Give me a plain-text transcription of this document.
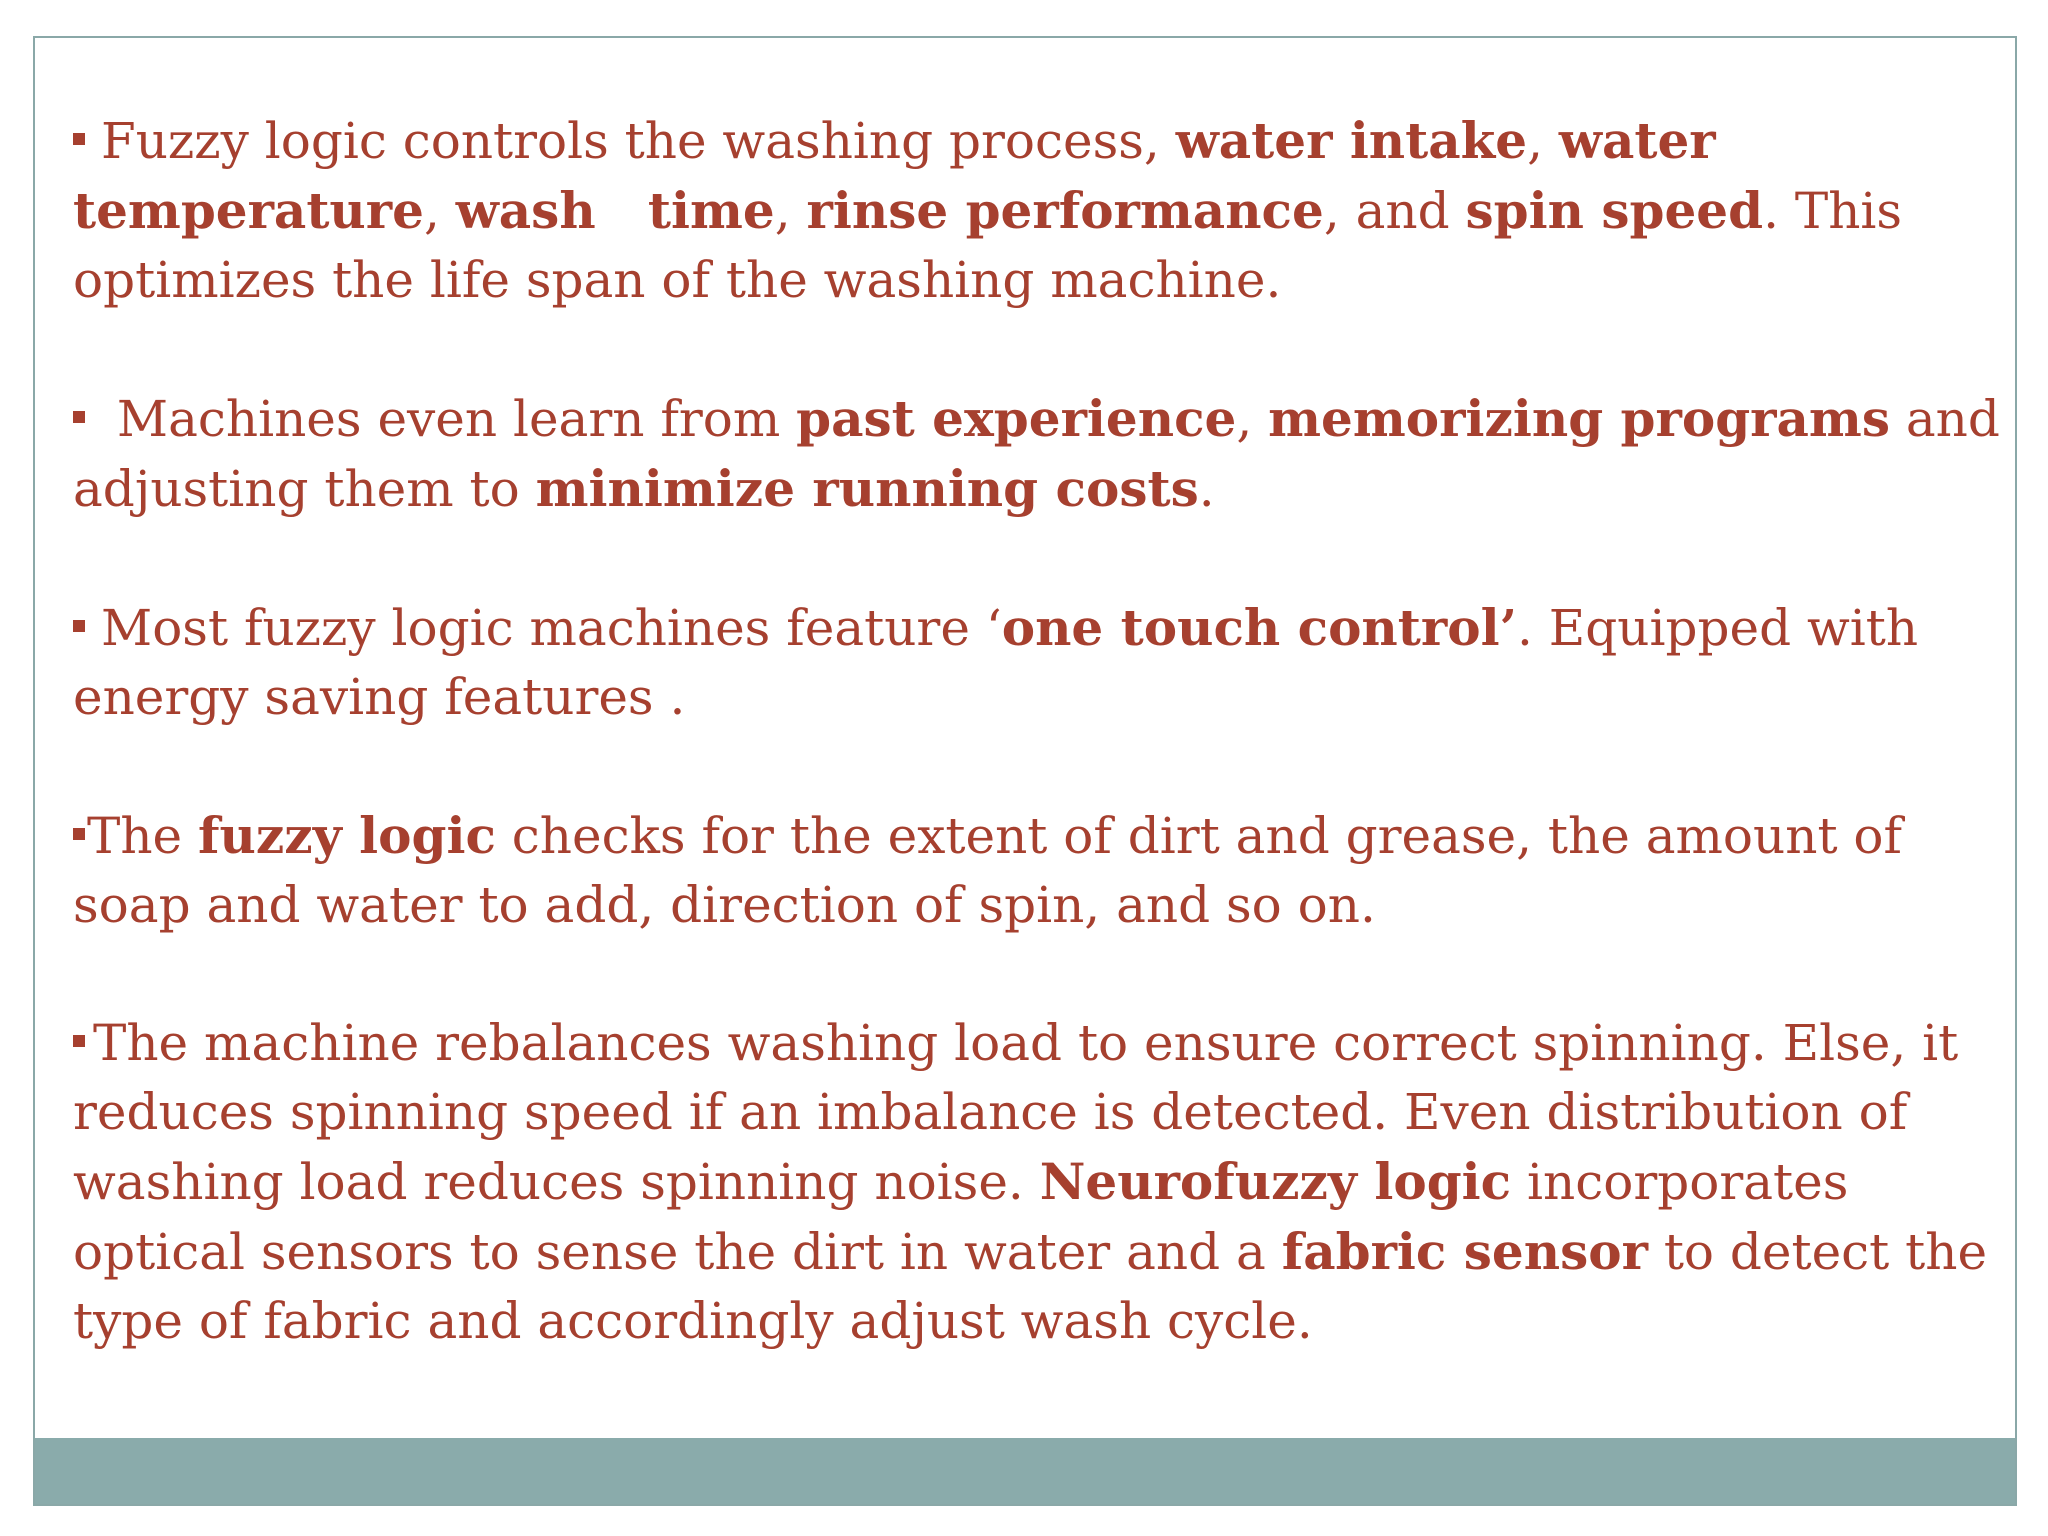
Fuzzy logic controls the washing process, water intake, water temperature, wash   time, rinse performance, and spin speed. This optimizes the life span of the washing machine.

Machines even learn from past experience, memorizing programs and adjusting them to minimize running costs.

Most fuzzy logic machines feature ‘one touch control’. Equipped with energy saving features .

The fuzzy logic checks for the extent of dirt and grease, the amount of soap and water to add, direction of spin, and so on.

The machine rebalances washing load to ensure correct spinning. Else, it reduces spinning speed if an imbalance is detected. Even distribution of washing load reduces spinning noise. Neurofuzzy logic incorporates optical sensors to sense the dirt in water and a fabric sensor to detect the type of fabric and accordingly adjust wash cycle.
